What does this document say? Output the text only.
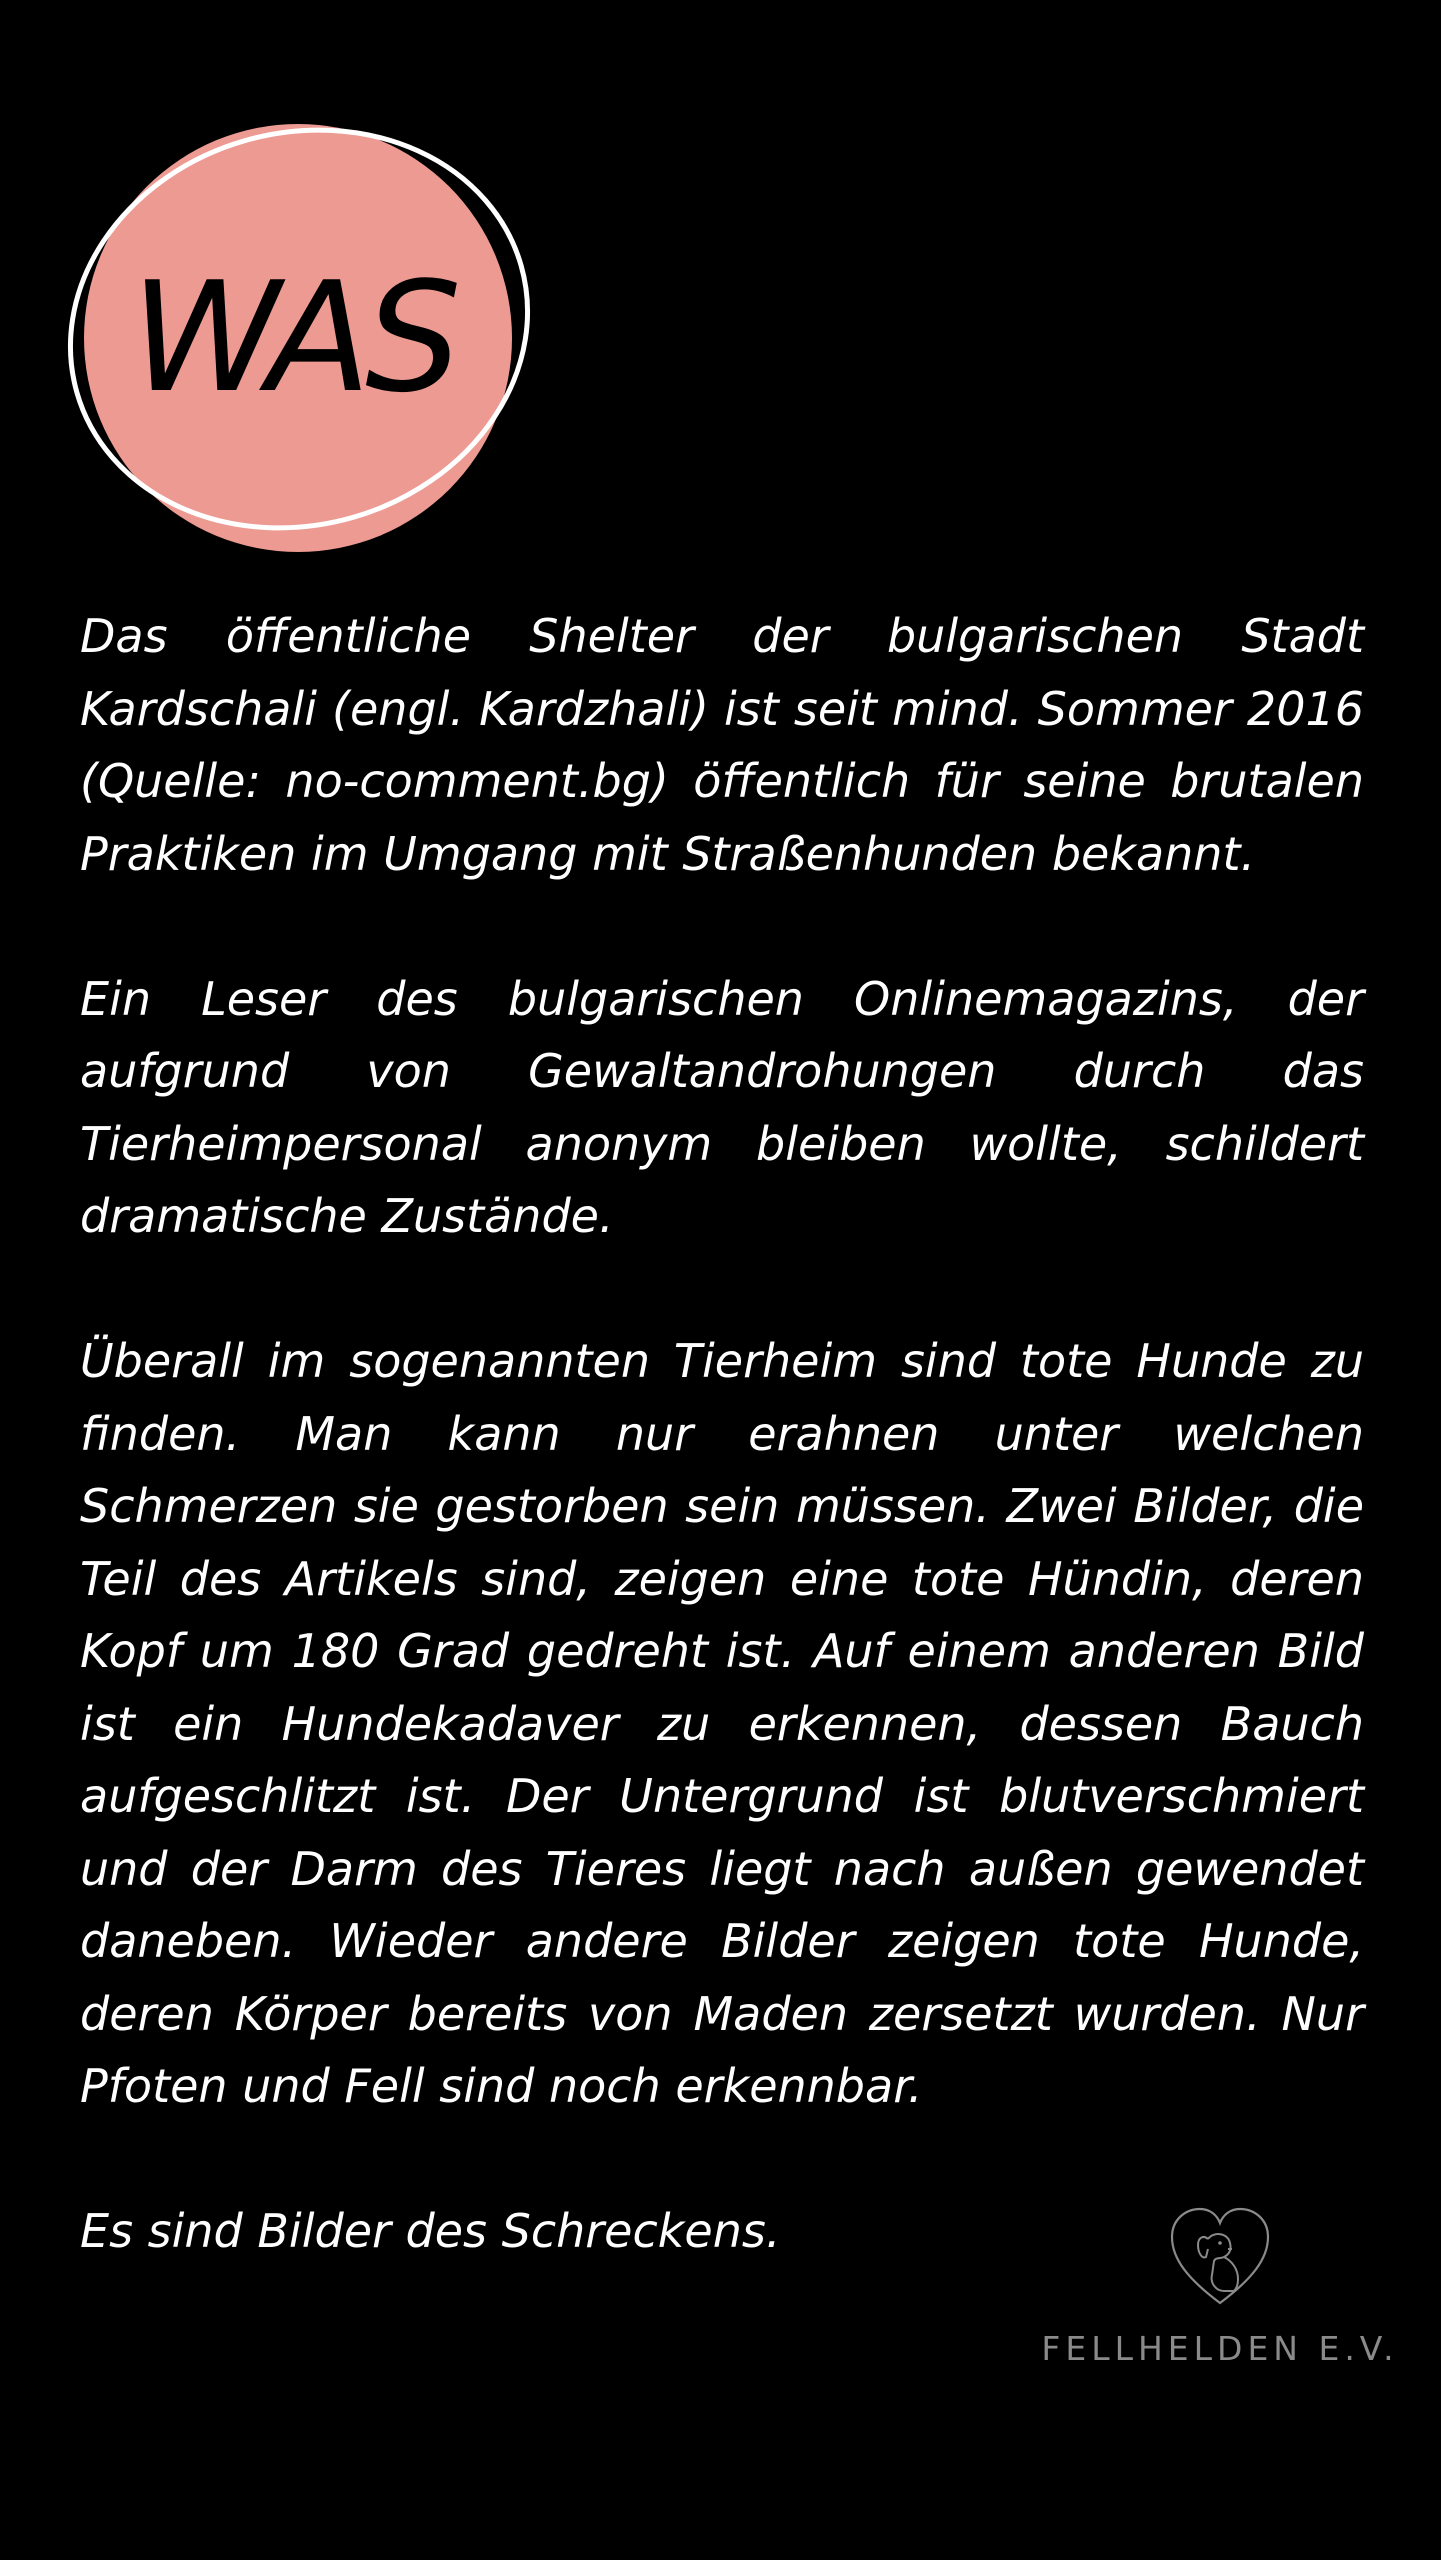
WAS

Das öffentliche Shelter der bulgarischen Stadt Kardschali (engl. Kardzhali) ist seit mind. Sommer 2016 (Quelle: no-comment.bg) öffentlich für seine brutalen Praktiken im Umgang mit Straßenhunden bekannt.

Ein Leser des bulgarischen Onlinemagazins, der aufgrund von Gewaltandrohungen durch das Tierheimpersonal anonym bleiben wollte, schildert dramatische Zustände.

Überall im sogenannten Tierheim sind tote Hunde zu finden. Man kann nur erahnen unter welchen Schmerzen sie gestorben sein müssen. Zwei Bilder, die Teil des Artikels sind, zeigen eine tote Hündin, deren Kopf um 180 Grad gedreht ist. Auf einem anderen Bild ist ein Hundekadaver zu erkennen, dessen Bauch aufgeschlitzt ist. Der Untergrund ist blutverschmiert und der Darm des Tieres liegt nach außen gewendet daneben. Wieder andere Bilder zeigen tote Hunde, deren Körper bereits von Maden zersetzt wurden. Nur Pfoten und Fell sind noch erkennbar.

Es sind Bilder des Schreckens.

FELLHELDEN E.V.
